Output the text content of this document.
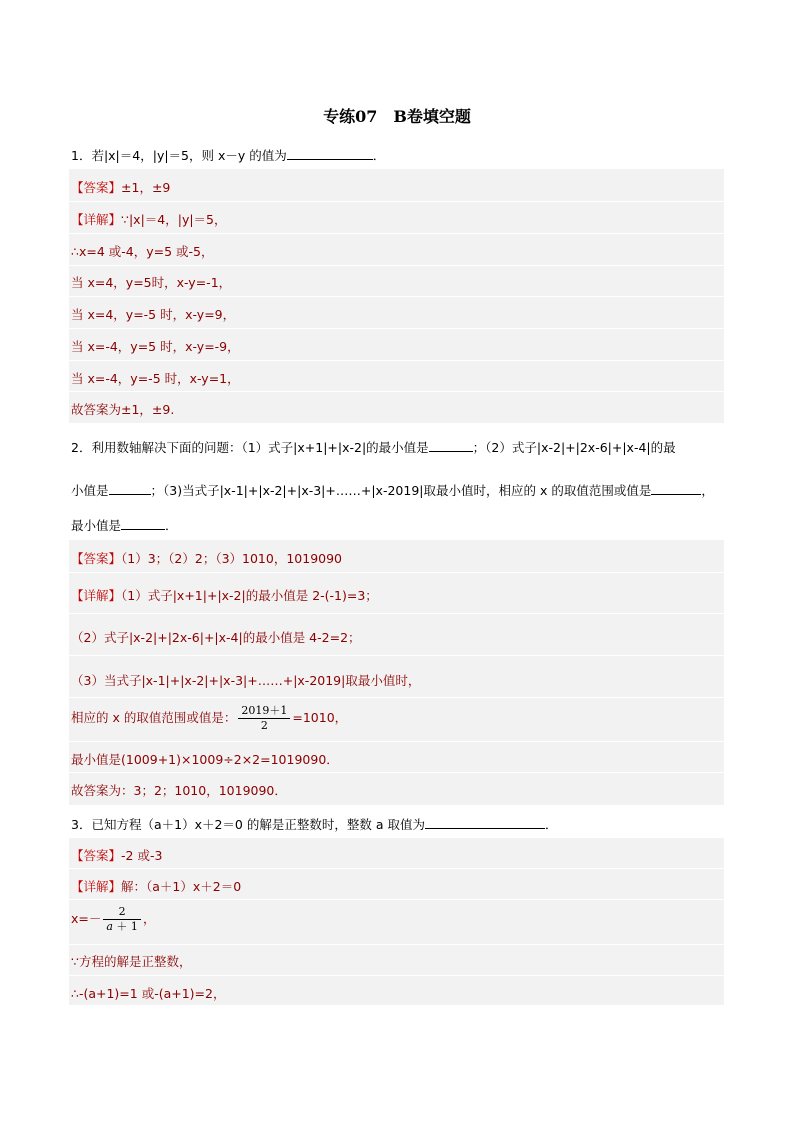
专练07　B卷填空题
1．若|x|＝4，|y|＝5，则 x－y 的值为	．
【答案】±1，±9
【详解】∵|x|＝4，|y|＝5，
∴x=4 或-4，y=5 或-5，
当 x=4，y=5时，x-y=-1，
当 x=4，y=-5 时，x-y=9，
当 x=-4，y=5 时，x-y=-9，
当 x=-4，y=-5 时，x-y=1，
故答案为±1，±9.
2．利用数轴解决下面的问题：（1）式子|x+1|+|x-2|的最小值是	；（2）式子|x-2|+|2x-6|+|x-4|的最
小值是	；（3)当式子|x-1|+|x-2|+|x-3|+……+|x-2019|取最小值时，相应的 x 的取值范围或值是	，
最小值是	．
【答案】（1）3；（2）2；（3）1010，1019090
【详解】（1）式子|x+1|+|x-2|的最小值是 2-(-1)=3；
（2）式子|x-2|+|2x-6|+|x-4|的最小值是 4-2=2；
（3）当式子|x-1|+|x-2|+|x-3|+……+|x-2019|取最小值时，
相应的 x 的取值范围或值是： $\frac{2019+1}{2} =1010$，
最小值是(1009+1)×1009÷2×2=1019090．
故答案为：3；2；1010，1019090．
3．已知方程（a＋1）x＋2＝0 的解是正整数时，整数 a 取值为	．
【答案】-2 或-3
【详解】解：（a＋1）x＋2＝0
$x=- \frac{2}{a + 1}$ ，
∵方程的解是正整数，
∴-(a+1)=1 或-(a+1)=2，
